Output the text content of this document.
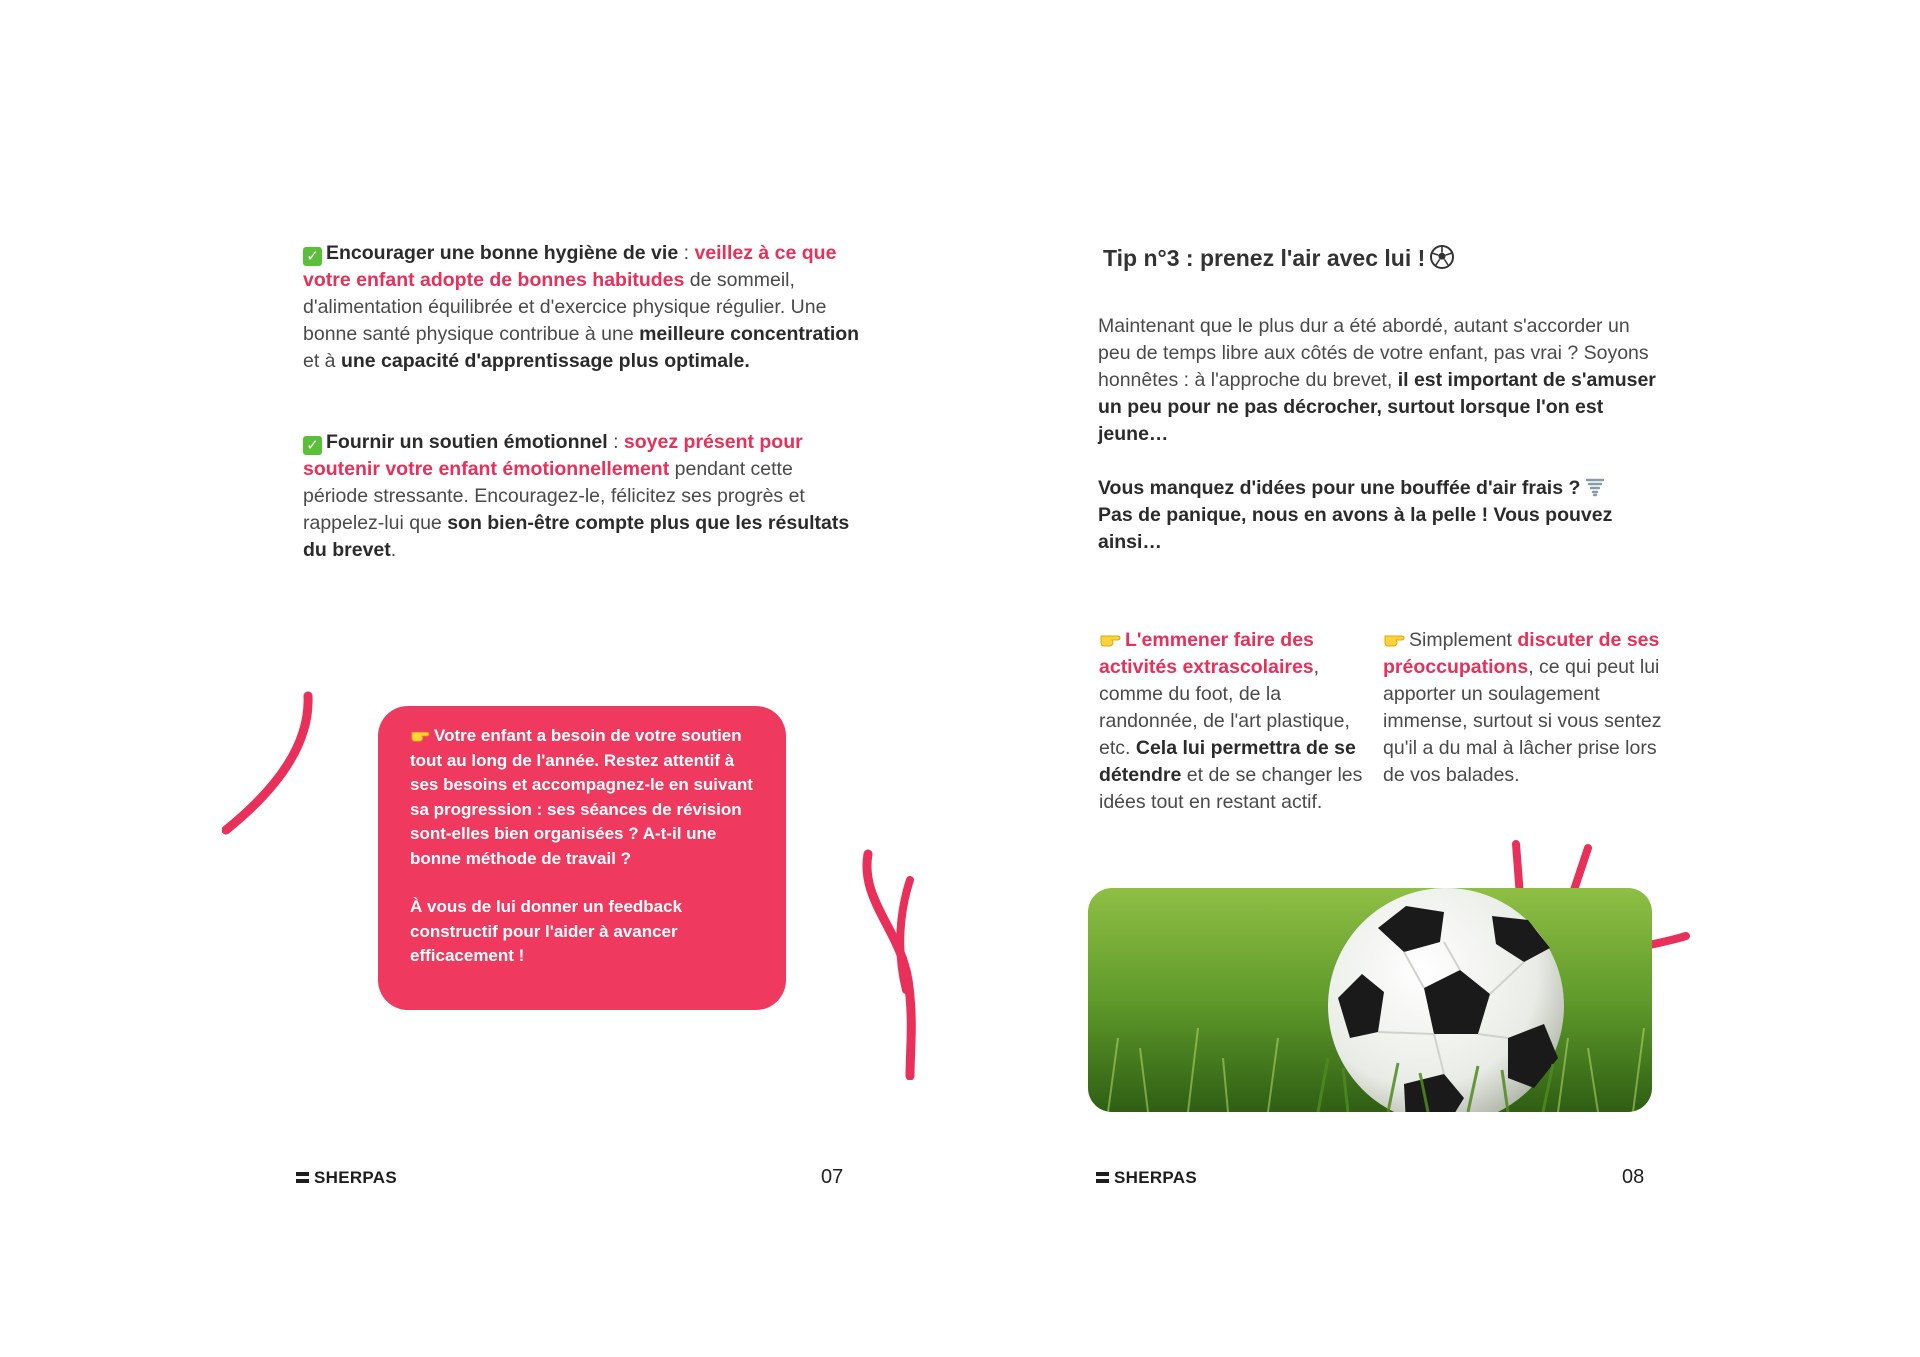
✓ Encourager une bonne hygiène de vie : veillez à ce que votre enfant adopte de bonnes habitudes de sommeil, d'alimentation équilibrée et d'exercice physique régulier. Une bonne santé physique contribue à une meilleure concentration et à une capacité d'apprentissage plus optimale.

✓ Fournir un soutien émotionnel : soyez présent pour soutenir votre enfant émotionnellement pendant cette période stressante. Encouragez-le, félicitez ses progrès et rappelez-lui que son bien-être compte plus que les résultats du brevet.

Votre enfant a besoin de votre soutien tout au long de l'année. Restez attentif à ses besoins et accompagnez-le en suivant sa progression : ses séances de révision sont-elles bien organisées ? A-t-il une bonne méthode de travail ?

À vous de lui donner un feedback constructif pour l'aider à avancer efficacement !

SHERPAS	07
Tip n°3 : prenez l'air avec lui !

Maintenant que le plus dur a été abordé, autant s'accorder un peu de temps libre aux côtés de votre enfant, pas vrai ? Soyons honnêtes : à l'approche du brevet, il est important de s'amuser un peu pour ne pas décrocher, surtout lorsque l'on est jeune…

Vous manquez d'idées pour une bouffée d'air frais ?
Pas de panique, nous en avons à la pelle ! Vous pouvez ainsi…

L'emmener faire des activités extrascolaires, comme du foot, de la randonnée, de l'art plastique, etc. Cela lui permettra de se détendre et de se changer les idées tout en restant actif.

Simplement discuter de ses préoccupations, ce qui peut lui apporter un soulagement immense, surtout si vous sentez qu'il a du mal à lâcher prise lors de vos balades.

SHERPAS	08
